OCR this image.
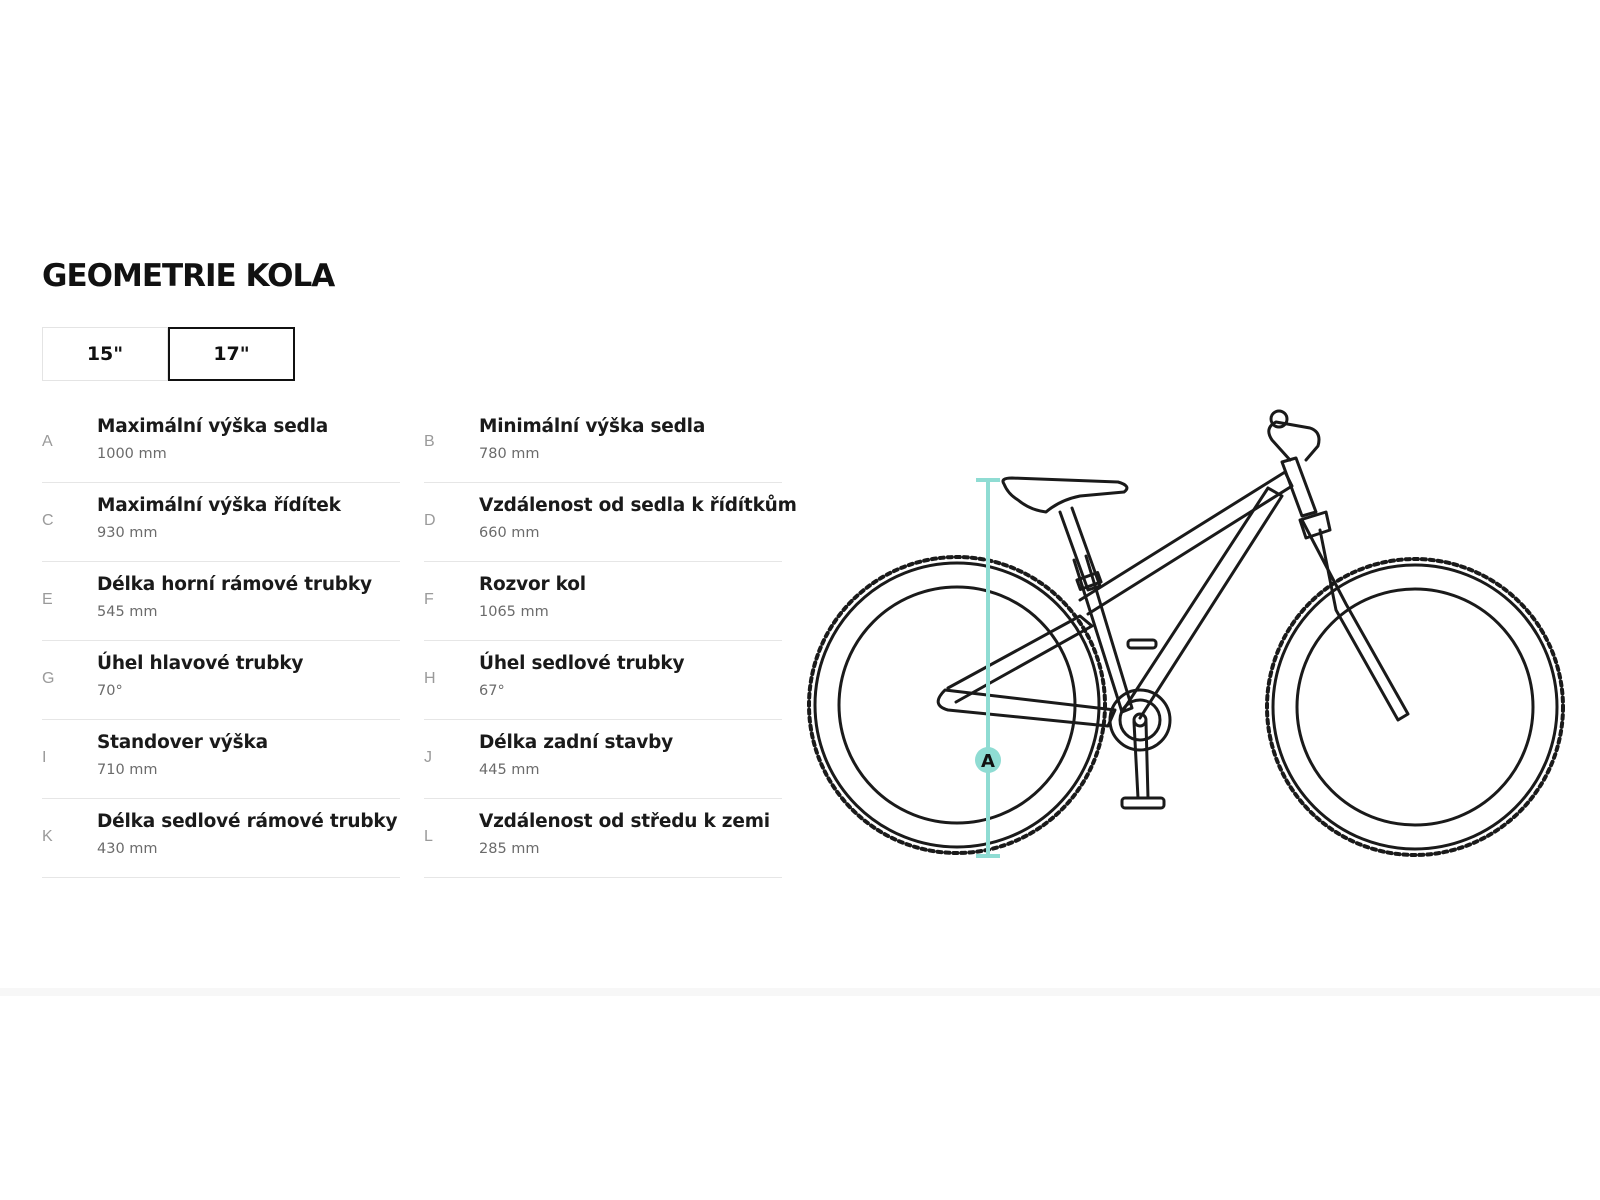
GEOMETRIE KOLA
15"	17"
A
Maximální výška sedla
1000 mm
C
Maximální výška řídítek
930 mm
E
Délka horní rámové trubky
545 mm
G
Úhel hlavové trubky
70°
I
Standover výška
710 mm
K
Délka sedlové rámové trubky
430 mm
B
Minimální výška sedla
780 mm
D
Vzdálenost od sedla k řídítkům
660 mm
F
Rozvor kol
1065 mm
H
Úhel sedlové trubky
67°
J
Délka zadní stavby
445 mm
L
Vzdálenost od středu k zemi
285 mm
A
